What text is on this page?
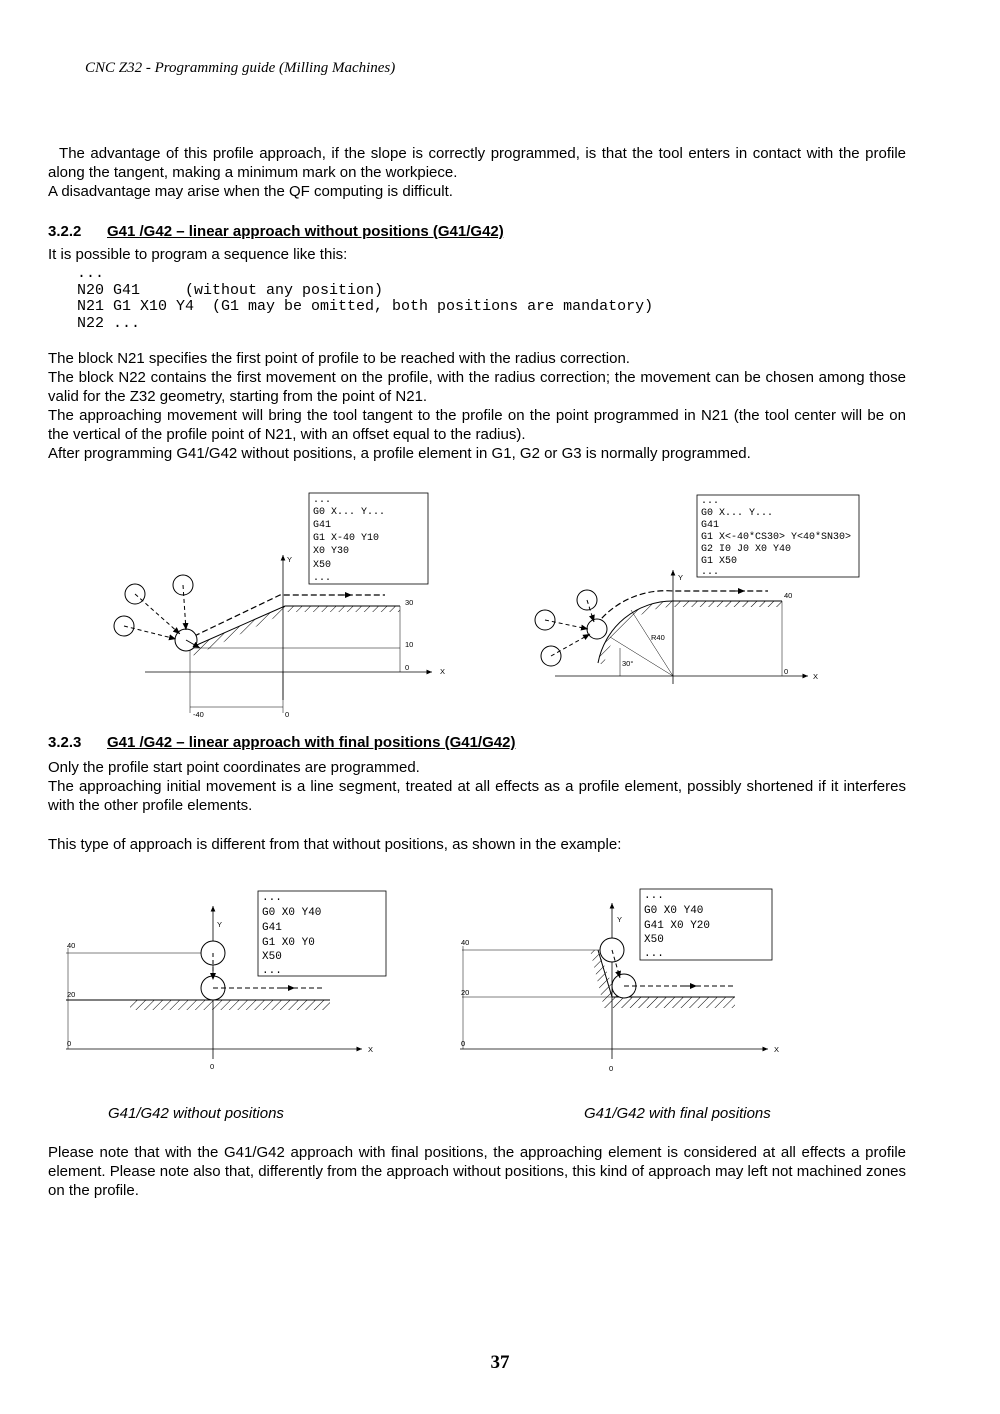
CNC Z32 - Programming guide (Milling Machines)
The advantage of this profile approach, if the slope is correctly programmed, is that the tool enters in contact with the profile along the tangent, making a minimum mark on the workpiece.
A disadvantage may arise when the QF computing is difficult.
3.2.2 G41 /G42 – linear approach without positions (G41/G42)
It is possible to program a sequence like this:
...
N20 G41     (without any position)
N21 G1 X10 Y4  (G1 may be omitted, both positions are mandatory)
N22 ...
The block N21 specifies the first point of profile to be reached with the radius correction.
The block N22 contains the first movement on the profile, with the radius correction; the movement can be chosen among those valid for the Z32 geometry, starting from the point of N21.
The approaching movement will bring the tool tangent to the profile on the point programmed in N21 (the tool center will be on the vertical of the profile point of N21, with an offset equal to the radius).
After programming G41/G42 without positions, a profile element in G1, G2 or G3 is normally programmed.
...
G0 X... Y...
G41
G1 X-40 Y10
X0 Y30
X50
...
Y
X
30
10
0
-40	0
...
G0 X... Y...
G41
G1 X<-40*CS30> Y<40*SN30>
G2 I0 J0 X0 Y40
G1 X50
...
Y
X
R40
30°
40
0
3.2.3 G41 /G42 – linear approach with final positions (G41/G42)
Only the profile start point coordinates are programmed.
The approaching initial movement is a line segment, treated at all effects as a profile element, possibly shortened if it interferes with the other profile elements.
This type of approach is different from that without positions, as shown in the example:
...
G0 X0 Y40
G41
G1 X0 Y0
X50
...
Y
X
40
20
0
0
...
G0 X0 Y40
G41 X0 Y20
X50
...
Y
X
40
20
0
0
G41/G42 without positions	G41/G42 with final positions
Please note that with the G41/G42 approach with final positions, the approaching element is considered at all effects a profile element. Please note also that, differently from the approach without positions, this kind of approach may left not machined zones on the profile.
37
